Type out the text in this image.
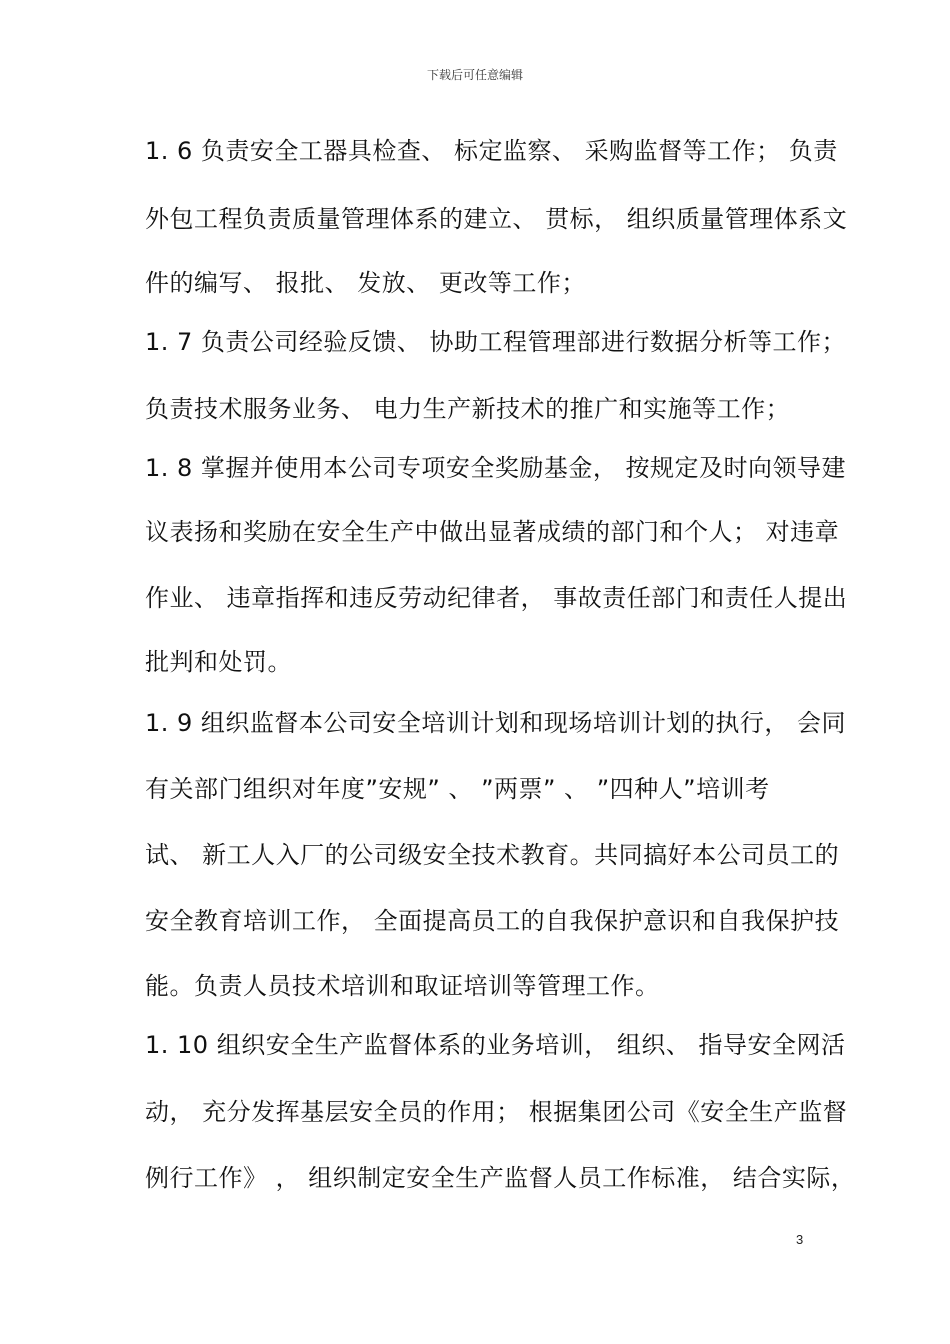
下载后可任意编辑
1. 6 负责安全工器具检查、 标定监察、 采购监督等工作； 负责
外包工程负责质量管理体系的建立、 贯标， 组织质量管理体系文
件的编写、 报批、 发放、 更改等工作；
1. 7 负责公司经验反馈、 协助工程管理部进行数据分析等工作；
负责技术服务业务、 电力生产新技术的推广和实施等工作；
1. 8 掌握并使用本公司专项安全奖励基金， 按规定及时向领导建
议表扬和奖励在安全生产中做出显著成绩的部门和个人； 对违章
作业、 违章指挥和违反劳动纪律者， 事故责任部门和责任人提出
批判和处罚。
1. 9 组织监督本公司安全培训计划和现场培训计划的执行， 会同
有关部门组织对年度”安规” 、 ”两票” 、 ”四种人”培训考
试、 新工人入厂的公司级安全技术教育。共同搞好本公司员工的
安全教育培训工作， 全面提高员工的自我保护意识和自我保护技
能。负责人员技术培训和取证培训等管理工作。
1. 10 组织安全生产监督体系的业务培训， 组织、 指导安全网活
动， 充分发挥基层安全员的作用； 根据集团公司《安全生产监督
例行工作》 ， 组织制定安全生产监督人员工作标准， 结合实际，
3
